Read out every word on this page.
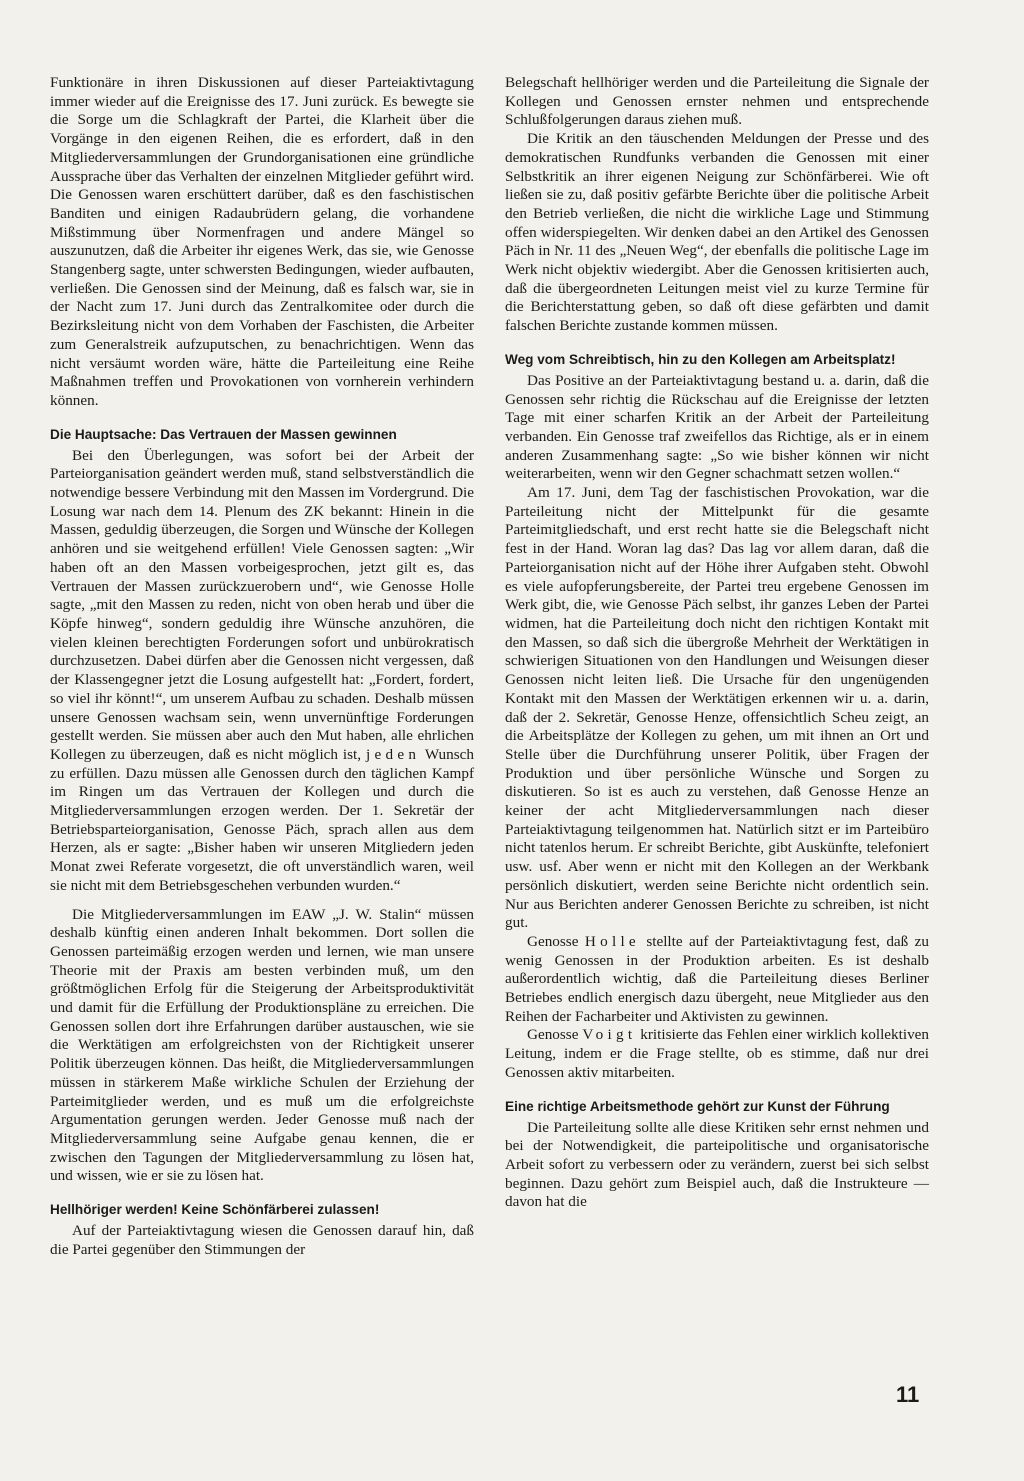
Funktionäre in ihren Diskussionen auf dieser Parteiaktivtagung immer wieder auf die Ereignisse des 17. Juni zurück. Es bewegte sie die Sorge um die Schlagkraft der Partei, die Klarheit über die Vorgänge in den eigenen Reihen, die es erfordert, daß in den Mitgliederversammlungen der Grundorganisationen eine gründliche Aussprache über das Verhalten der einzelnen Mitglieder geführt wird. Die Genossen waren erschüttert darüber, daß es den faschistischen Banditen und einigen Radaubrüdern gelang, die vorhandene Mißstimmung über Normenfragen und andere Mängel so auszunutzen, daß die Arbeiter ihr eigenes Werk, das sie, wie Genosse Stangenberg sagte, unter schwersten Bedingungen, wieder aufbauten, verließen. Die Genossen sind der Meinung, daß es falsch war, sie in der Nacht zum 17. Juni durch das Zentralkomitee oder durch die Bezirksleitung nicht von dem Vorhaben der Faschisten, die Arbeiter zum Generalstreik aufzuputschen, zu benachrichtigen. Wenn das nicht versäumt worden wäre, hätte die Parteileitung eine Reihe Maßnahmen treffen und Provokationen von vornherein verhindern können.

Die Hauptsache: Das Vertrauen der Massen gewinnen

Bei den Überlegungen, was sofort bei der Arbeit der Parteiorganisation geändert werden muß, stand selbstverständlich die notwendige bessere Verbindung mit den Massen im Vordergrund. Die Losung war nach dem 14. Plenum des ZK bekannt: Hinein in die Massen, geduldig überzeugen, die Sorgen und Wünsche der Kollegen anhören und sie weitgehend erfüllen! Viele Genossen sagten: „Wir haben oft an den Massen vorbeigesprochen, jetzt gilt es, das Vertrauen der Massen zurückzuerobern und“, wie Genosse Holle sagte, „mit den Massen zu reden, nicht von oben herab und über die Köpfe hinweg“, sondern geduldig ihre Wünsche anzuhören, die vielen kleinen berechtigten Forderungen sofort und unbürokratisch durchzusetzen. Dabei dürfen aber die Genossen nicht vergessen, daß der Klassengegner jetzt die Losung aufgestellt hat: „Fordert, fordert, so viel ihr könnt!“, um unserem Aufbau zu schaden. Deshalb müssen unsere Genossen wachsam sein, wenn unvernünftige Forderungen gestellt werden. Sie müssen aber auch den Mut haben, alle ehrlichen Kollegen zu überzeugen, daß es nicht möglich ist, jeden Wunsch zu erfüllen. Dazu müssen alle Genossen durch den täglichen Kampf im Ringen um das Vertrauen der Kollegen und durch die Mitgliederversammlungen erzogen werden. Der 1. Sekretär der Betriebsparteiorganisation, Genosse Päch, sprach allen aus dem Herzen, als er sagte: „Bisher haben wir unseren Mitgliedern jeden Monat zwei Referate vorgesetzt, die oft unverständlich waren, weil sie nicht mit dem Betriebsgeschehen verbunden wurden.“

Die Mitgliederversammlungen im EAW „J. W. Stalin“ müssen deshalb künftig einen anderen Inhalt bekommen. Dort sollen die Genossen parteimäßig erzogen werden und lernen, wie man unsere Theorie mit der Praxis am besten verbinden muß, um den größtmöglichen Erfolg für die Steigerung der Arbeitsproduktivität und damit für die Erfüllung der Produktionspläne zu erreichen. Die Genossen sollen dort ihre Erfahrungen darüber austauschen, wie sie die Werktätigen am erfolgreichsten von der Richtigkeit unserer Politik überzeugen können. Das heißt, die Mitgliederversammlungen müssen in stärkerem Maße wirkliche Schulen der Erziehung der Parteimitglieder werden, und es muß um die erfolgreichste Argumentation gerungen werden. Jeder Genosse muß nach der Mitgliederversammlung seine Aufgabe genau kennen, die er zwischen den Tagungen der Mitgliederversammlung zu lösen hat, und wissen, wie er sie zu lösen hat.

Hellhöriger werden! Keine Schönfärberei zulassen!

Auf der Parteiaktivtagung wiesen die Genossen darauf hin, daß die Partei gegenüber den Stimmungen der

Belegschaft hellhöriger werden und die Parteileitung die Signale der Kollegen und Genossen ernster nehmen und entsprechende Schlußfolgerungen daraus ziehen muß.

Die Kritik an den täuschenden Meldungen der Presse und des demokratischen Rundfunks verbanden die Genossen mit einer Selbstkritik an ihrer eigenen Neigung zur Schönfärberei. Wie oft ließen sie zu, daß positiv gefärbte Berichte über die politische Arbeit den Betrieb verließen, die nicht die wirkliche Lage und Stimmung offen widerspiegelten. Wir denken dabei an den Artikel des Genossen Päch in Nr. 11 des „Neuen Weg“, der ebenfalls die politische Lage im Werk nicht objektiv wiedergibt. Aber die Genossen kritisierten auch, daß die übergeordneten Leitungen meist viel zu kurze Termine für die Berichterstattung geben, so daß oft diese gefärbten und damit falschen Berichte zustande kommen müssen.

Weg vom Schreibtisch, hin zu den Kollegen am Arbeitsplatz!

Das Positive an der Parteiaktivtagung bestand u. a. darin, daß die Genossen sehr richtig die Rückschau auf die Ereignisse der letzten Tage mit einer scharfen Kritik an der Arbeit der Parteileitung verbanden. Ein Genosse traf zweifellos das Richtige, als er in einem anderen Zusammenhang sagte: „So wie bisher können wir nicht weiterarbeiten, wenn wir den Gegner schachmatt setzen wollen.“

Am 17. Juni, dem Tag der faschistischen Provokation, war die Parteileitung nicht der Mittelpunkt für die gesamte Parteimitgliedschaft, und erst recht hatte sie die Belegschaft nicht fest in der Hand. Woran lag das? Das lag vor allem daran, daß die Parteiorganisation nicht auf der Höhe ihrer Aufgaben steht. Obwohl es viele aufopferungsbereite, der Partei treu ergebene Genossen im Werk gibt, die, wie Genosse Päch selbst, ihr ganzes Leben der Partei widmen, hat die Parteileitung doch nicht den richtigen Kontakt mit den Massen, so daß sich die übergroße Mehrheit der Werktätigen in schwierigen Situationen von den Handlungen und Weisungen dieser Genossen nicht leiten ließ. Die Ursache für den ungenügenden Kontakt mit den Massen der Werktätigen erkennen wir u. a. darin, daß der 2. Sekretär, Genosse Henze, offensichtlich Scheu zeigt, an die Arbeitsplätze der Kollegen zu gehen, um mit ihnen an Ort und Stelle über die Durchführung unserer Politik, über Fragen der Produktion und über persönliche Wünsche und Sorgen zu diskutieren. So ist es auch zu verstehen, daß Genosse Henze an keiner der acht Mitgliederversammlungen nach dieser Parteiaktivtagung teilgenommen hat. Natürlich sitzt er im Parteibüro nicht tatenlos herum. Er schreibt Berichte, gibt Auskünfte, telefoniert usw. usf. Aber wenn er nicht mit den Kollegen an der Werkbank persönlich diskutiert, werden seine Berichte nicht ordentlich sein. Nur aus Berichten anderer Genossen Berichte zu schreiben, ist nicht gut.

Genosse Holle stellte auf der Parteiaktivtagung fest, daß zu wenig Genossen in der Produktion arbeiten. Es ist deshalb außerordentlich wichtig, daß die Parteileitung dieses Berliner Betriebes endlich energisch dazu übergeht, neue Mitglieder aus den Reihen der Facharbeiter und Aktivisten zu gewinnen.

Genosse Voigt kritisierte das Fehlen einer wirklich kollektiven Leitung, indem er die Frage stellte, ob es stimme, daß nur drei Genossen aktiv mitarbeiten.

Eine richtige Arbeitsmethode gehört zur Kunst der Führung

Die Parteileitung sollte alle diese Kritiken sehr ernst nehmen und bei der Notwendigkeit, die parteipolitische und organisatorische Arbeit sofort zu verbessern oder zu verändern, zuerst bei sich selbst beginnen. Dazu gehört zum Beispiel auch, daß die Instrukteure — davon hat die

11
